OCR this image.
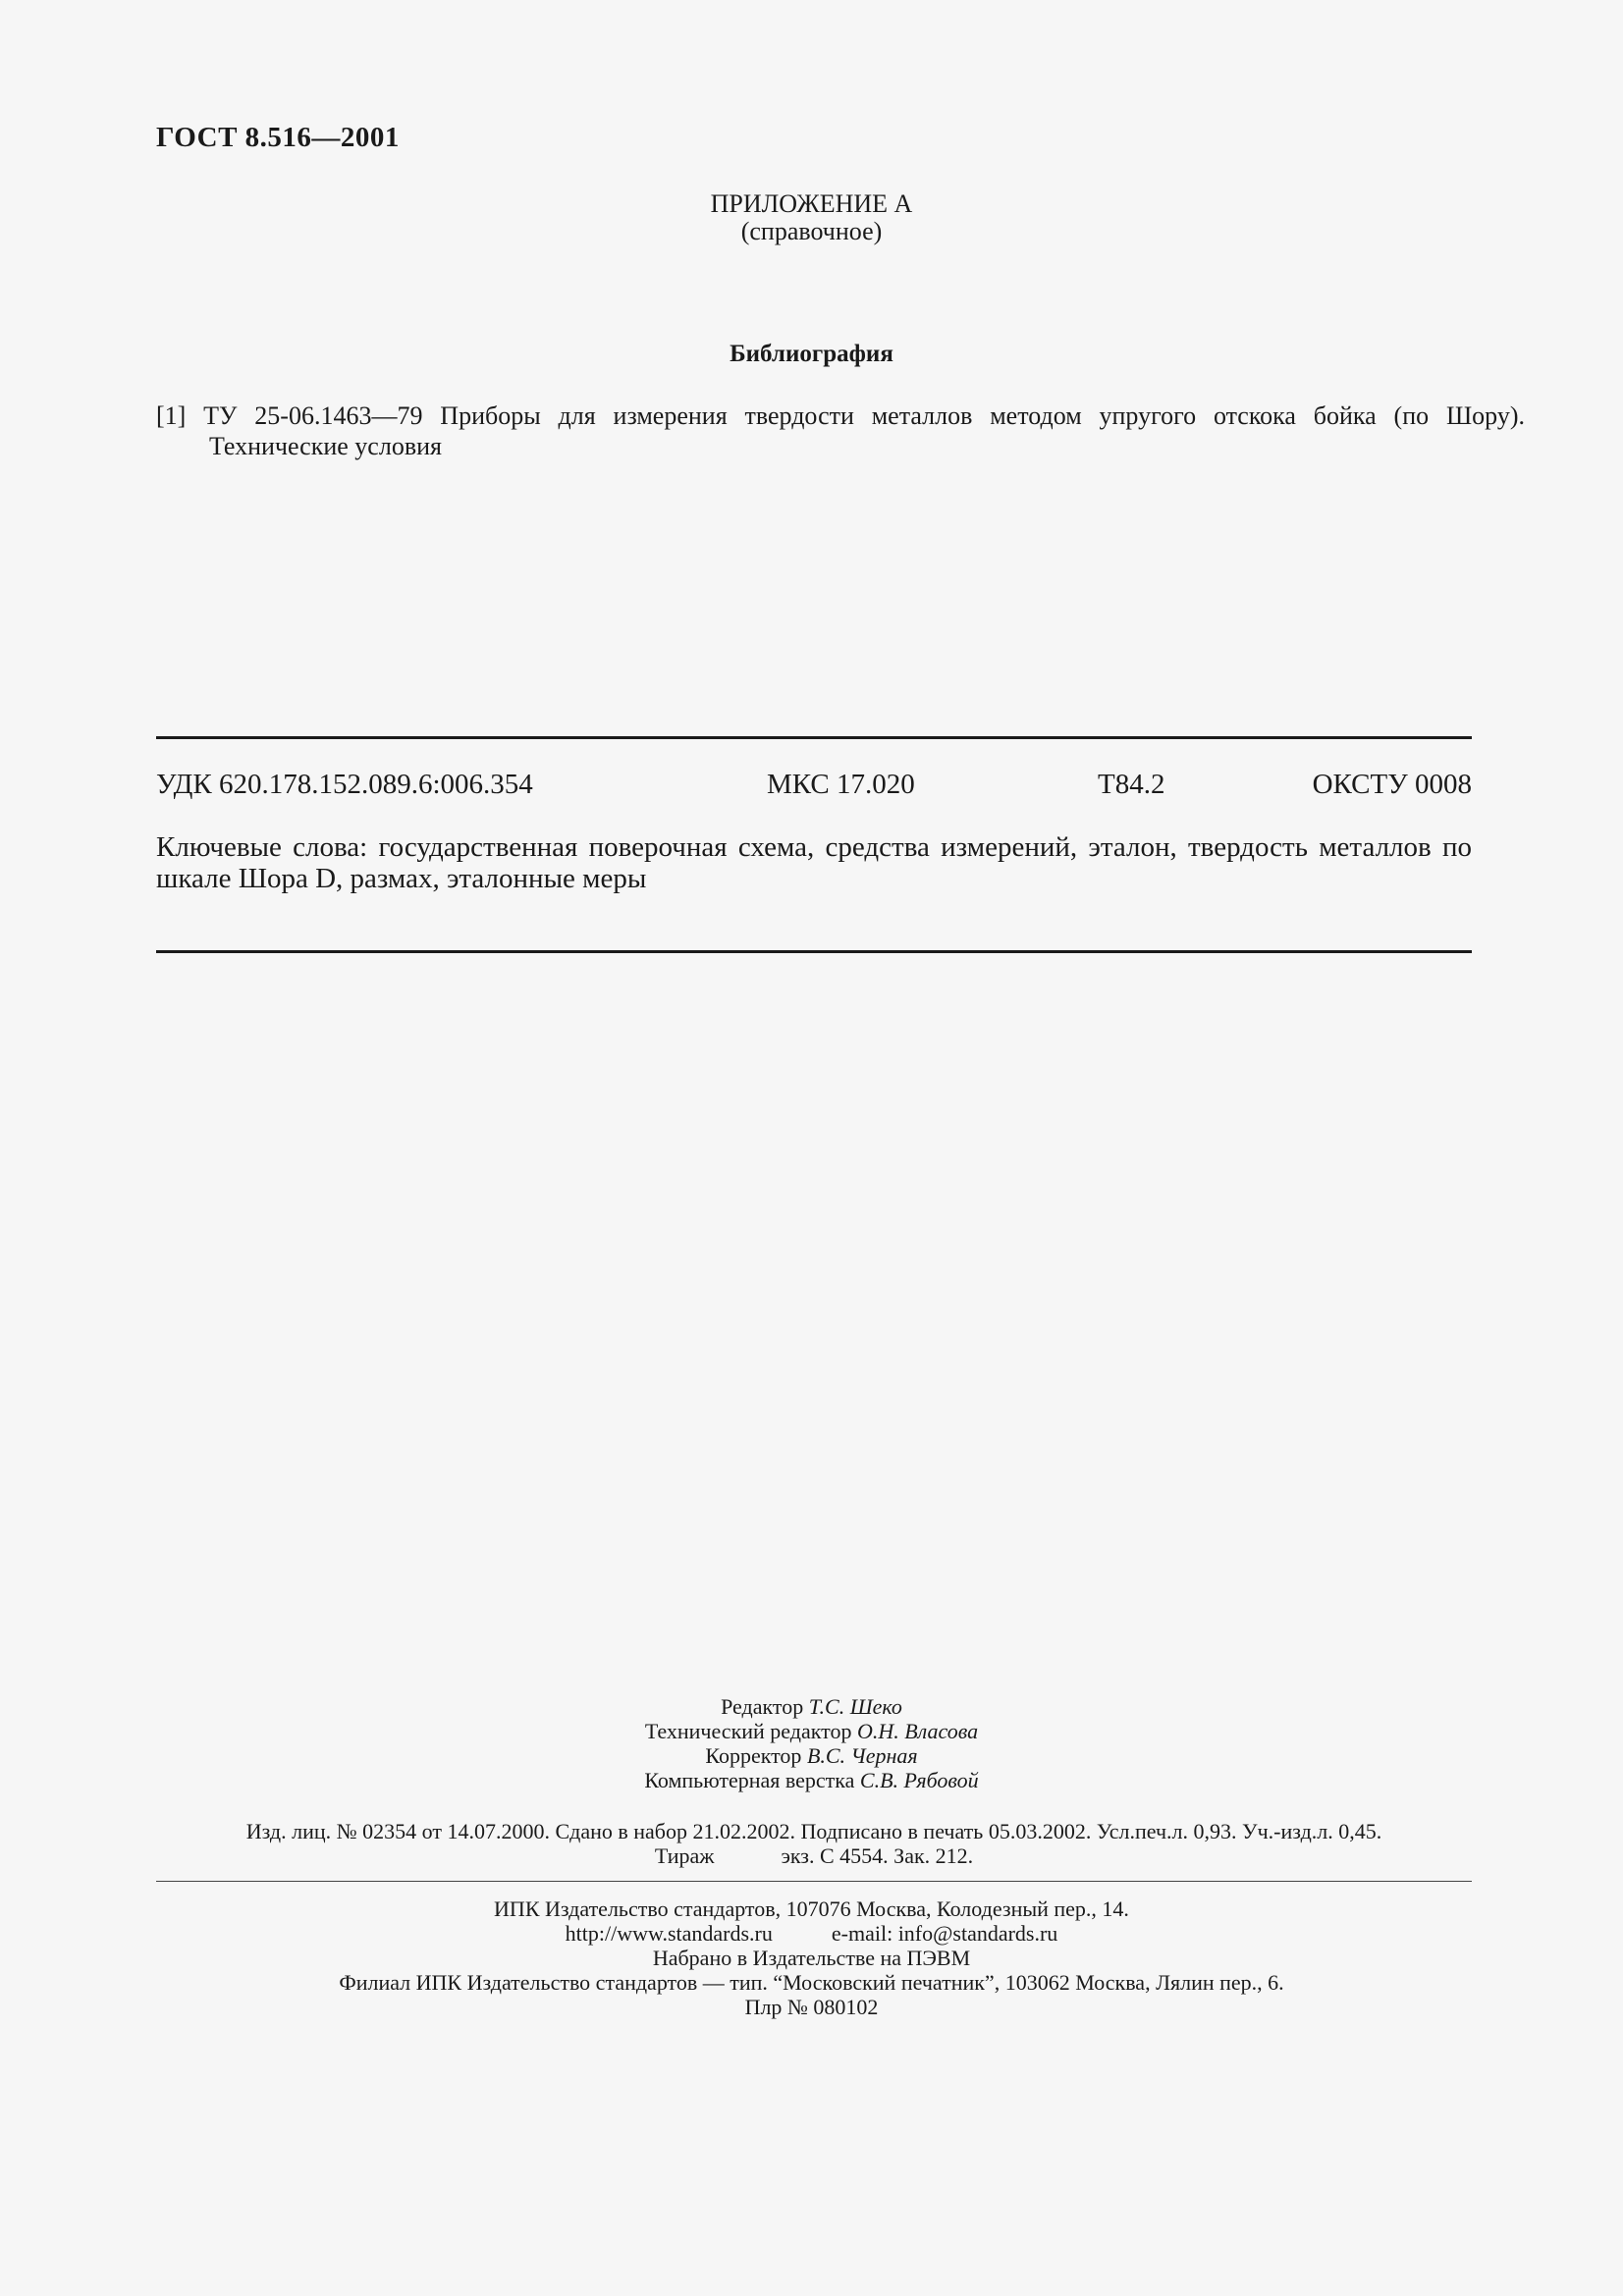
ГОСТ 8.516—2001
ПРИЛОЖЕНИЕ А
(справочное)
Библиография
[1] ТУ 25-06.1463—79 Приборы для измерения твердости металлов методом упругого отскока бойка (по Шору). Технические условия
УДК 620.178.152.089.6:006.354	МКС 17.020	Т84.2	ОКСТУ 0008
Ключевые слова: государственная поверочная схема, средства измерений, эталон, твердость металлов по шкале Шора D, размах, эталонные меры
Редактор Т.С. Шеко
Технический редактор О.Н. Власова
Корректор В.С. Черная
Компьютерная верстка С.В. Рябовой
Изд. лиц. № 02354 от 14.07.2000. Сдано в набор 21.02.2002. Подписано в печать 05.03.2002. Усл.печ.л. 0,93. Уч.-изд.л. 0,45.
Тираж	экз. С 4554. Зак. 212.
ИПК Издательство стандартов, 107076 Москва, Колодезный пер., 14.
http://www.standards.ru	e-mail: info@standards.ru
Набрано в Издательстве на ПЭВМ
Филиал ИПК Издательство стандартов — тип. “Московский печатник”, 103062 Москва, Лялин пер., 6.
Плр № 080102
